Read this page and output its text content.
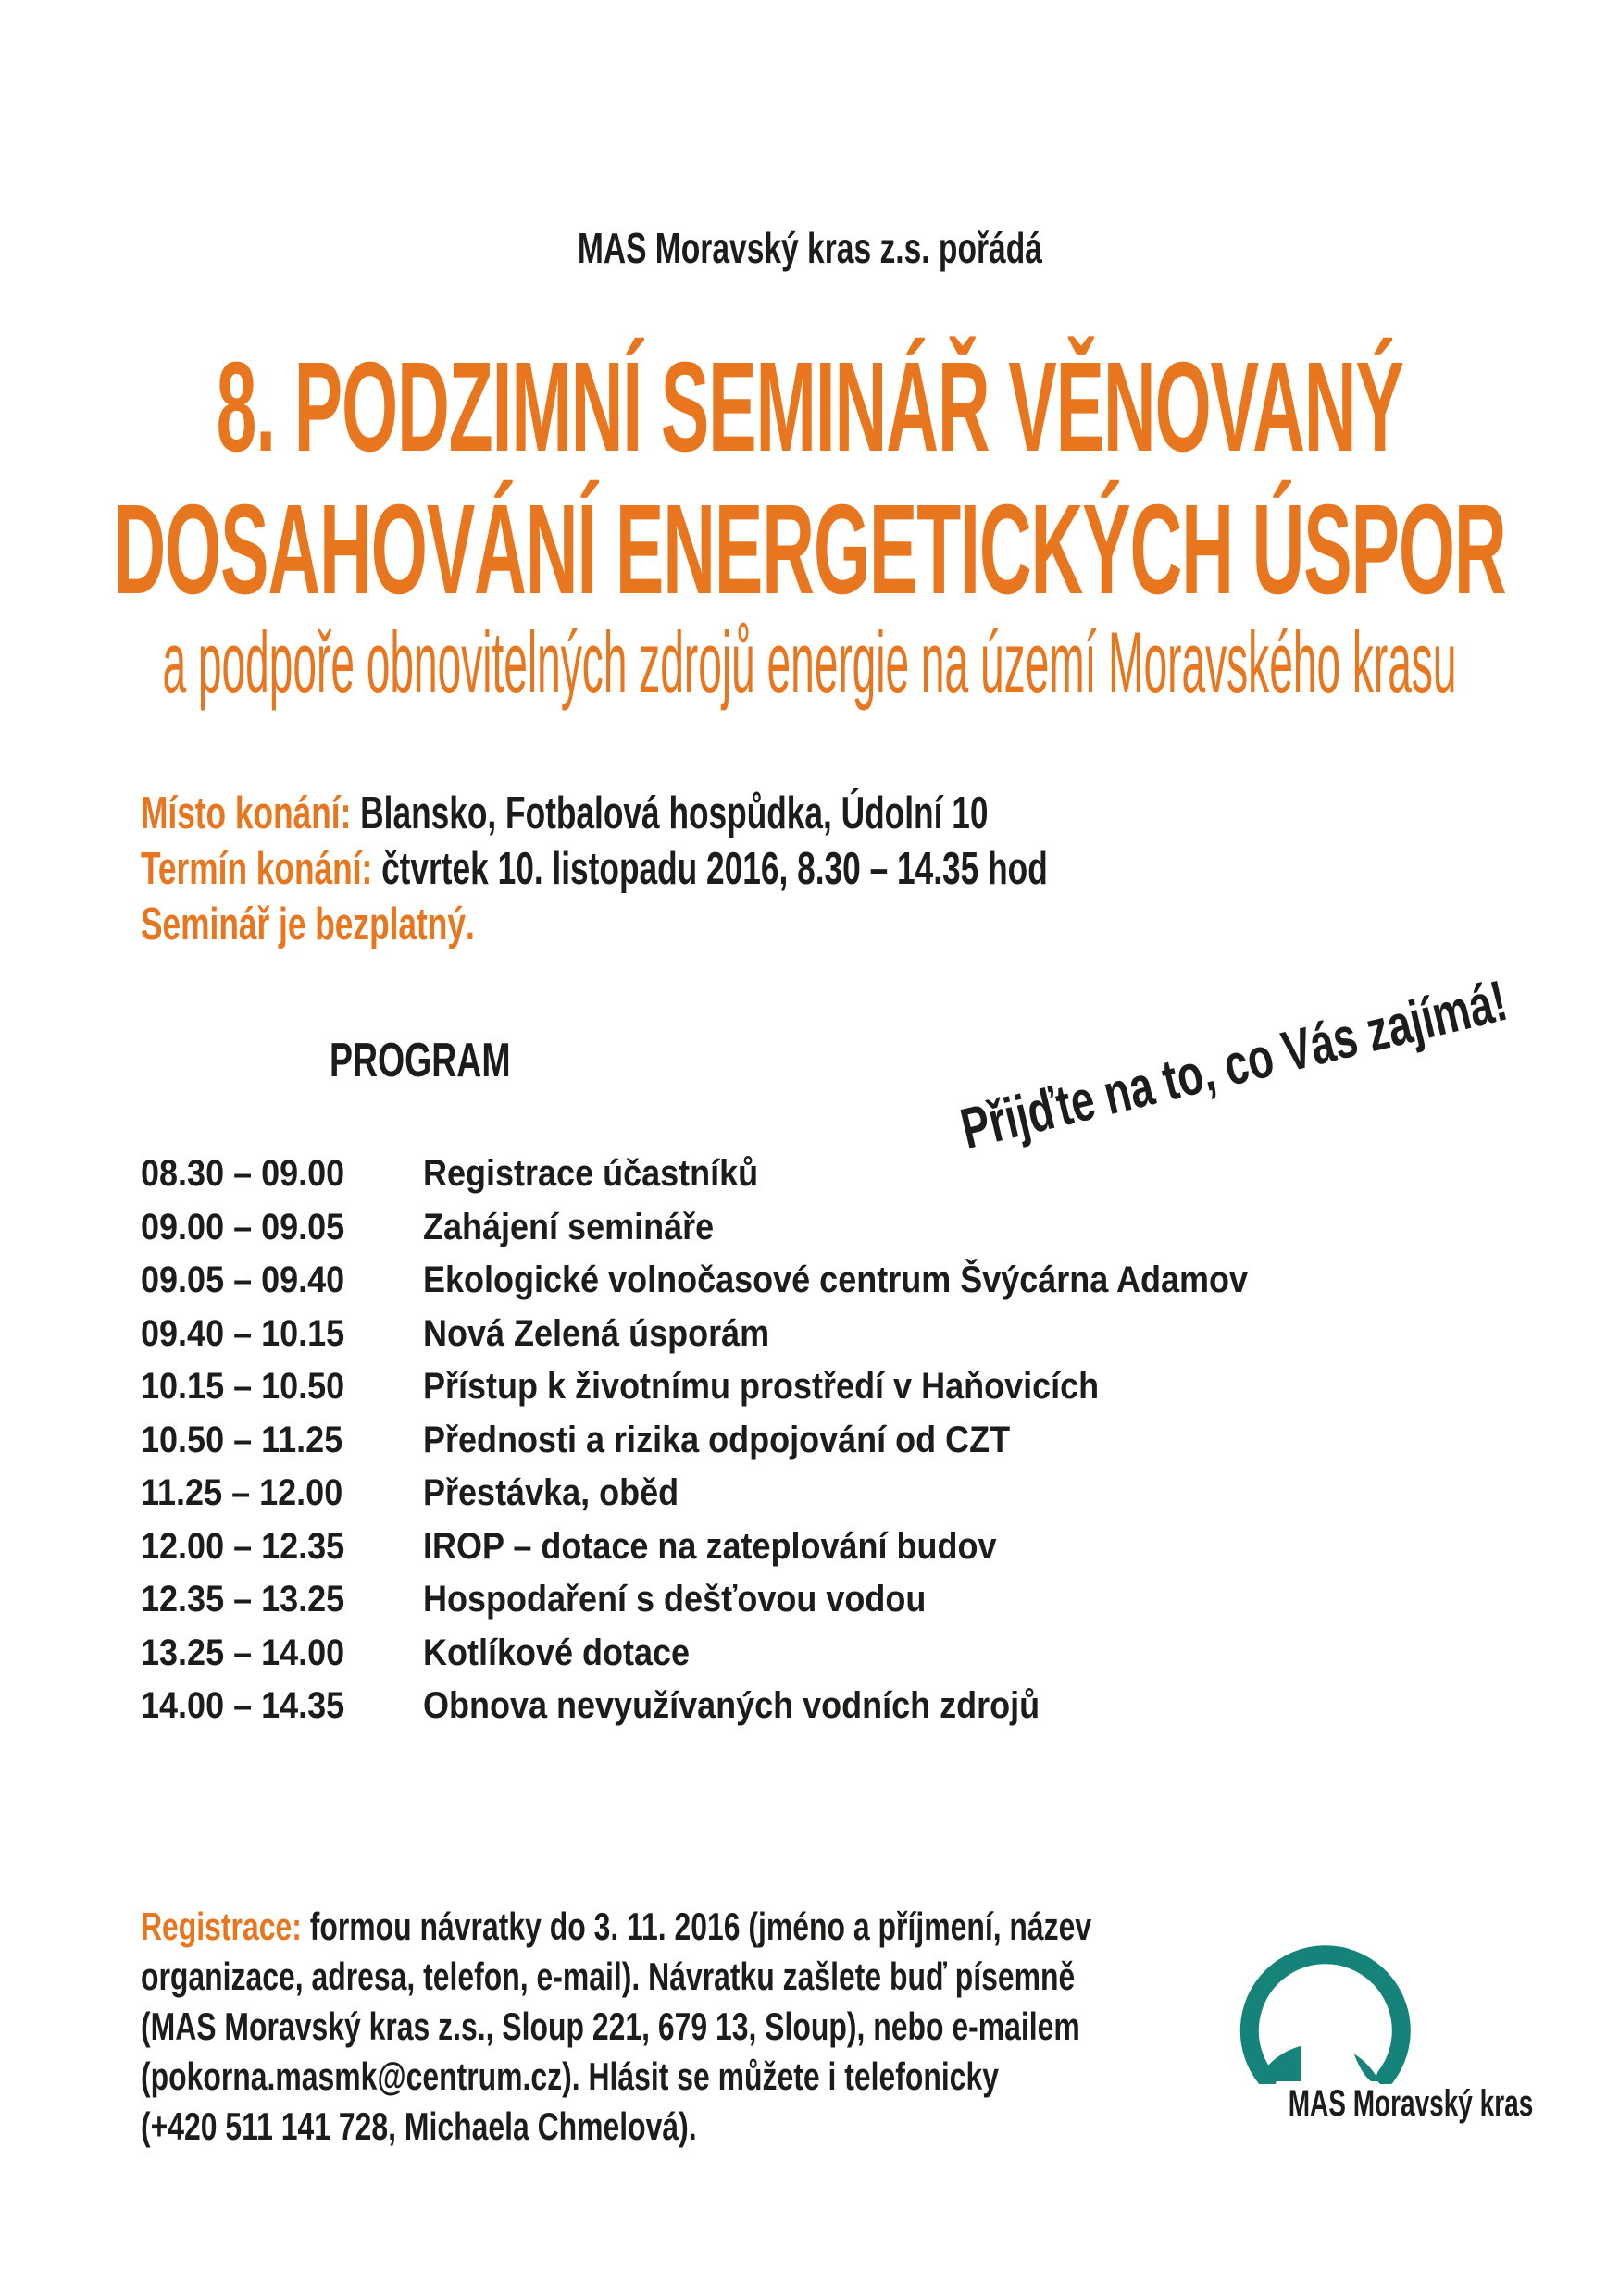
MAS Moravský kras z.s. pořádá
8. PODZIMNÍ SEMINÁŘ VĚNOVANÝ
DOSAHOVÁNÍ ENERGETICKÝCH ÚSPOR
a podpoře obnovitelných zdrojů energie na území Moravského krasu
Místo konání: Blansko, Fotbalová hospůdka, Údolní 10
Termín konání: čtvrtek 10. listopadu 2016, 8.30 – 14.35 hod
Seminář je bezplatný.
PROGRAM	Přijďte na to, co Vás zajímá!
08.30 – 09.00	Registrace účastníků
09.00 – 09.05	Zahájení semináře
09.05 – 09.40	Ekologické volnočasové centrum Švýcárna Adamov
09.40 – 10.15	Nová Zelená úsporám
10.15 – 10.50	Přístup k životnímu prostředí v Haňovicích
10.50 – 11.25	Přednosti a rizika odpojování od CZT
11.25 – 12.00	Přestávka, oběd
12.00 – 12.35	IROP – dotace na zateplování budov
12.35 – 13.25	Hospodaření s dešťovou vodou
13.25 – 14.00	Kotlíkové dotace
14.00 – 14.35	Obnova nevyužívaných vodních zdrojů
Registrace: formou návratky do 3. 11. 2016 (jméno a příjmení, název
organizace, adresa, telefon, e-mail). Návratku zašlete buď písemně
(MAS Moravský kras z.s., Sloup 221, 679 13, Sloup), nebo e-mailem
(pokorna.masmk@centrum.cz). Hlásit se můžete i telefonicky
(+420 511 141 728, Michaela Chmelová).
MAS Moravský kras
